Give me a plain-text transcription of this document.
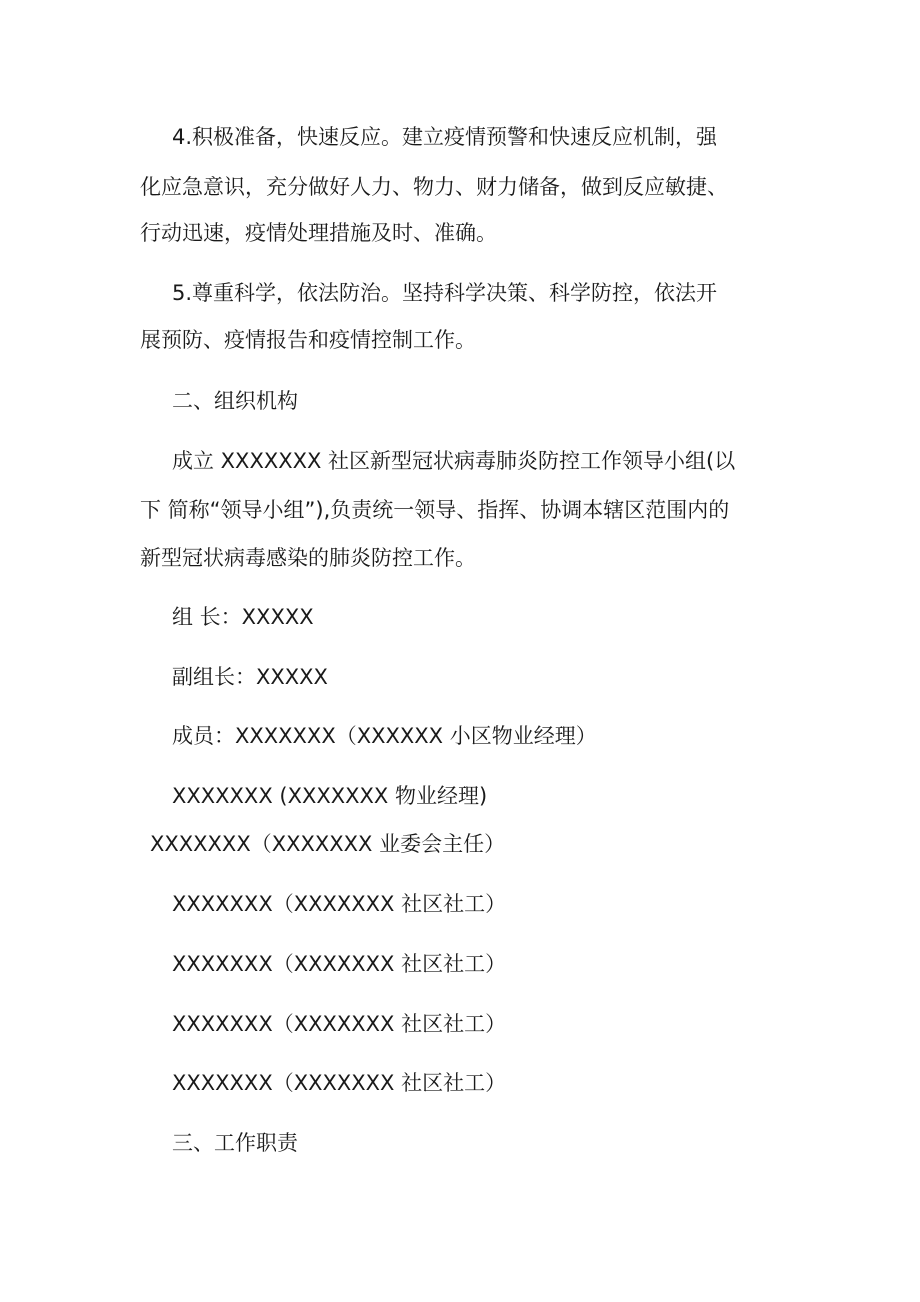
4.积极准备，快速反应。建立疫情预警和快速反应机制，强
化应急意识，充分做好人力、物力、财力储备，做到反应敏捷、
行动迅速，疫情处理措施及时、准确。
5.尊重科学，依法防治。坚持科学决策、科学防控，依法开
展预防、疫情报告和疫情控制工作。
二、组织机构
成立 XXXXXXX 社区新型冠状病毒肺炎防控工作领导小组(以
下 简称“领导小组”),负责统一领导、指挥、协调本辖区范围内的
新型冠状病毒感染的肺炎防控工作。
组 长：XXXXX
副组长：XXXXX
成员：XXXXXXX（XXXXXX 小区物业经理）
XXXXXXX (XXXXXXX 物业经理)
XXXXXXX（XXXXXXX 业委会主任）
XXXXXXX（XXXXXXX 社区社工）
XXXXXXX（XXXXXXX 社区社工）
XXXXXXX（XXXXXXX 社区社工）
XXXXXXX（XXXXXXX 社区社工）
三、工作职责
